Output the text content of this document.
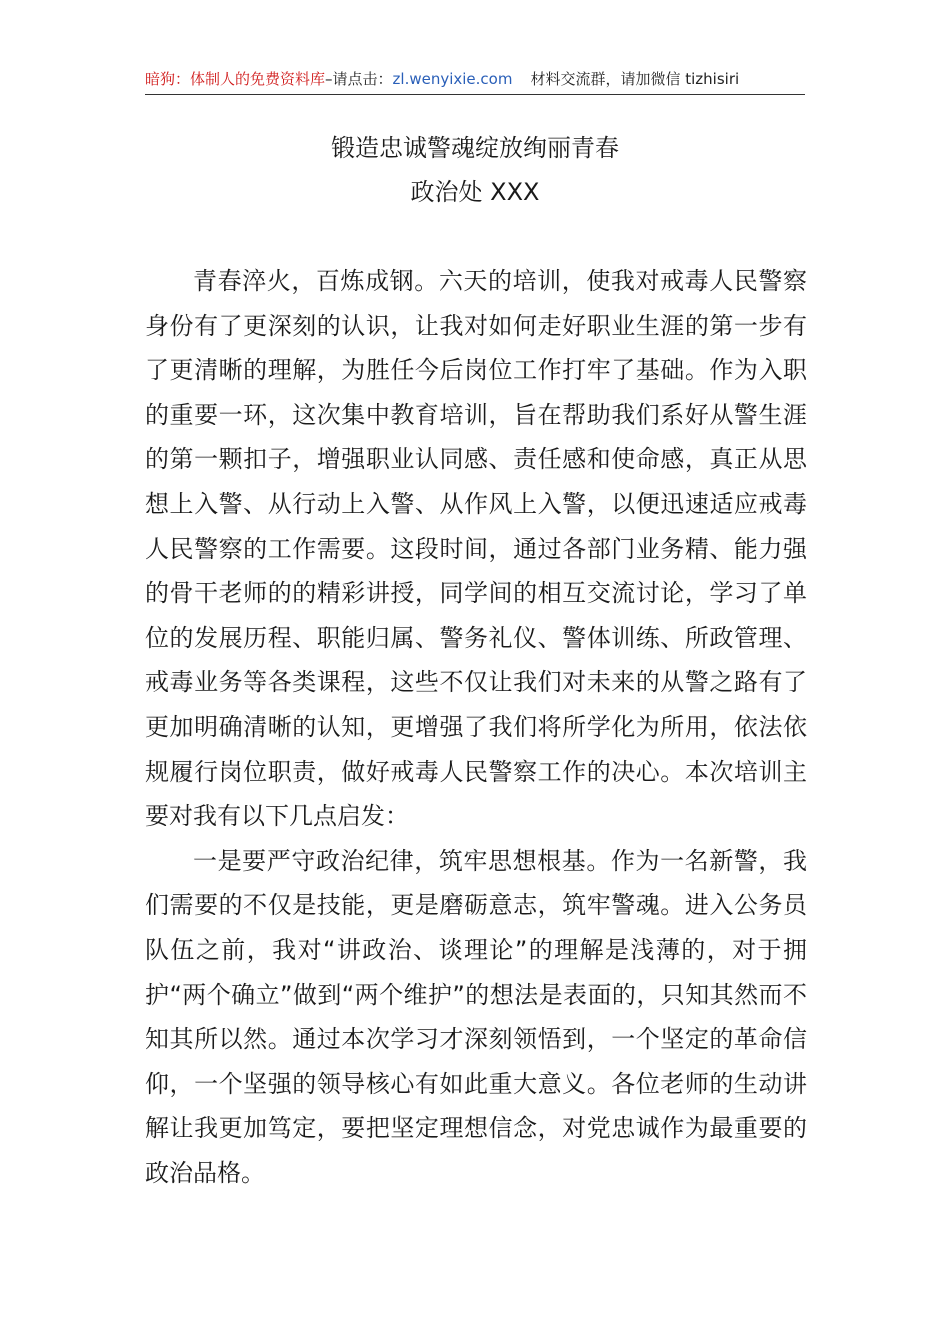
暗狗：体制人的免费资料库–请点击：zl.wenyixie.com 材料交流群，请加微信 tizhisiri
锻造忠诚警魂绽放绚丽青春
政治处 XXX

青春淬火，百炼成钢。六天的培训，使我对戒毒人民警察身份有了更深刻的认识，让我对如何走好职业生涯的第一步有了更清晰的理解，为胜任今后岗位工作打牢了基础。作为入职的重要一环，这次集中教育培训，旨在帮助我们系好从警生涯的第一颗扣子，增强职业认同感、责任感和使命感，真正从思想上入警、从行动上入警、从作风上入警，以便迅速适应戒毒人民警察的工作需要。这段时间，通过各部门业务精、能力强的骨干老师的的精彩讲授，同学间的相互交流讨论，学习了单位的发展历程、职能归属、警务礼仪、警体训练、所政管理、戒毒业务等各类课程，这些不仅让我们对未来的从警之路有了更加明确清晰的认知，更增强了我们将所学化为所用，依法依规履行岗位职责，做好戒毒人民警察工作的决心。本次培训主要对我有以下几点启发：

一是要严守政治纪律，筑牢思想根基。作为一名新警，我们需要的不仅是技能，更是磨砺意志，筑牢警魂。进入公务员队伍之前，我对“讲政治、谈理论”的理解是浅薄的，对于拥护“两个确立”做到“两个维护”的想法是表面的，只知其然而不知其所以然。通过本次学习才深刻领悟到，一个坚定的革命信仰，一个坚强的领导核心有如此重大意义。各位老师的生动讲解让我更加笃定，要把坚定理想信念，对党忠诚作为最重要的政治品格。
